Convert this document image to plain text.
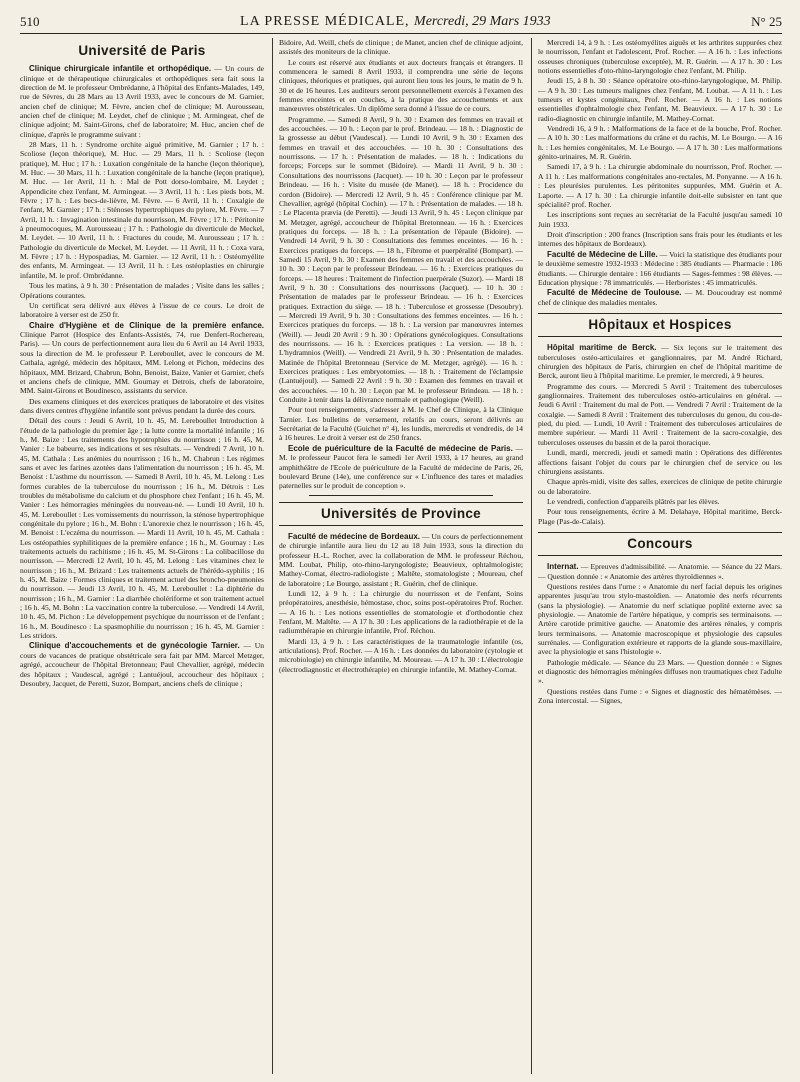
510	LA PRESSE MÉDICALE, Mercredi, 29 Mars 1933	N° 25
Université de Paris

Clinique chirurgicale infantile et orthopédique. — Un cours de clinique et de thérapeutique chirurgicales et orthopédiques sera fait sous la direction de M. le professeur Ombrédanne, à l'hôpital des Enfants-Malades, 149, rue de Sèvres, du 28 Mars au 13 Avril 1933, avec le concours de M. Garnier, ancien chef de clinique; M. Fèvre, ancien chef de clinique; M. Aurousseau, ancien chef de clinique; M. Leydet, chef de clinique ; M. Armingeat, chef de clinique adjoint; M. Saint-Girons, chef de laboratoire; M. Huc, ancien chef de clinique, d'après le programme suivant :

28 Mars, 11 h. : Syndrome orchite aigué primitive, M. Garnier ; 17 h. : Scoliose (leçon théorique), M. Huc. — 29 Mars, 11 h. : Scoliose (leçon pratique), M. Huc ; 17 h. : Luxation congénitale de la hanche (leçon théorique), M. Huc. — 30 Mars, 11 h. : Luxation congénitale de la hanche (leçon pratique), M. Huc. — 1er Avril, 11 h. : Mal de Pott dorso-lombaire, M. Leydet ; Appendicite chez l'enfant, M. Armingeat. — 3 Avril, 11 h. : Les pieds bots, M. Fèvre ; 17 h. : Les becs-de-lièvre, M. Fèvre. — 6 Avril, 11 h. : Coxalgie de l'enfant, M. Garnier ; 17 h. : Sténoses hypertrophiques du pylore, M. Fèvre. — 7 Avril, 11 h. : Invagination intestinale du nourrisson, M. Fèvre ; 17 h. : Péritonite à pneumocoques, M. Aurousseau ; 17 h. : Pathologie du diverticule de Meckel, M. Leydet. — 10 Avril, 11 h. : Fractures du coude, M. Aurousseau ; 17 h. : Pathologie du diverticule de Meckel, M. Leydet. — 11 Avril, 11 h. : Coxa vara, M. Fèvre ; 17 h. : Hypospadias, M. Garnier. — 12 Avril, 11 h. : Ostéomyélite des enfants, M. Armingeat. — 13 Avril, 11 h. : Les ostéoplasties en chirurgie infantile, M. le prof. Ombrédanne.

Tous les matins, à 9 h. 30 : Présentation de malades ; Visite dans les salles ; Opérations courantes.

Un certificat sera délivré aux élèves à l'issue de ce cours. Le droit de laboratoire à verser est de 250 fr.

Chaire d'Hygiène et de Clinique de la première enfance. Clinique Parrot (Hospice des Enfants-Assistés, 74, rue Denfert-Rochereau, Paris). — Un cours de perfectionnement aura lieu du 6 Avril au 14 Avril 1933, sous la direction de M. le professeur P. Lereboullet, avec le concours de M. Cathala, agrégé, médecin des hôpitaux, MM. Lelong et Pichon, médecins des hôpitaux, MM. Brizard, Chabrun, Bohn, Benoist, Baize, Vanier et Garnier, chefs et anciens chefs de clinique, MM. Gournay et Detrois, chefs de laboratoire, MM. Saint-Girons et Boudinesco, assistants du service.

Des examens cliniques et des exercices pratiques de laboratoire et des visites dans divers centres d'hygiène infantile sont prévus pendant la durée des cours.

Détail des cours : Jeudi 6 Avril, 10 h. 45, M. Lereboullet Introduction à l'étude de la pathologie du premier âge ; la lutte contre la mortalité infantile ; 16 h., M. Baize : Les traitements des hypotrophies du nourrisson ; 16 h. 45, M. Vanier : Le babeurre, ses indications et ses résultats. — Vendredi 7 Avril, 10 h. 45, M. Cathala : Les anémies du nourrisson ; 16 h., M. Chabrun : Les régimes sans et avec les farines azotées dans l'alimentation du nourrisson ; 16 h. 45, M. Benoist : L'asthme du nourrisson. — Samedi 8 Avril, 10 h. 45, M. Lelong : Les formes curables de la tuberculose du nourrisson ; 16 h., M. Détrois : Les troubles du métabolisme du calcium et du phosphore chez l'enfant ; 16 h. 45, M. Vanier : Les hémorragies méningées du nouveau-né. — Lundi 10 Avril, 10 h. 45, M. Lereboullet : Les vomissements du nourrisson, la sténose hypertrophique congénitale du pylore ; 16 h., M. Bohn : L'anorexie chez le nourrisson ; 16 h. 45, M. Benoist : L'eczéma du nourrisson. — Mardi 11 Avril, 10 h. 45, M. Cathala : Les ostéopathies syphilitiques de la première enfance ; 16 h., M. Gournay : Les traitements actuels du rachitisme ; 16 h. 45, M. St-Girons : La colibacillose du nourrisson. — Mercredi 12 Avril, 10 h. 45, M. Lelong : Les vitamines chez le nourrisson ; 16 h., M. Brizard : Les traitements actuels de l'hérédo-syphilis ; 16 h. 45, M. Baize : Formes cliniques et traitement actuel des broncho-pneumonies du nourrisson. — Jeudi 13 Avril, 10 h. 45, M. Lereboullet : La diphtérie du nourrisson ; 16 h., M. Garnier : La diarrhée cholériforme et son traitement actuel ; 16 h. 45, M. Bohn : La vaccination contre la tuberculose. — Vendredi 14 Avril, 10 h. 45, M. Pichon : Le développement psychique du nourrisson et de l'enfant ; 16 h., M. Boudinesco : La spasmophilie du nourrisson ; 16 h. 45, M. Garnier : Les stridors.

Clinique d'accouchements et de gynécologie Tarnier. — Un cours de vacances de pratique obstétricale sera fait par MM. Marcel Metzger, agrégé, accoucheur de l'hôpital Bretonneau; Paul Chevallier, agrégé, médecin des hôpitaux ; Vaudescal, agrégé ; Lantuéjoul, accoucheur des hôpitaux ; Desoubry, Jacquet, de Peretti, Suzor, Bompart, anciens chefs de clinique ;

Bidoire, Ad. Weill, chefs de clinique ; de Manet, ancien chef de clinique adjoint, assistés des moniteurs de la clinique.

Le cours est réservé aux étudiants et aux docteurs français et étrangers. Il commencera le samedi 8 Avril 1933, il comprendra une série de leçons cliniques, théoriques et pratiques, qui auront lieu tous les jours, le matin de 9 h. 30 et de 16 heures. Les auditeurs seront personnellement exercés à l'examen des femmes enceintes et en couches, à la pratique des accouchements et aux manœuvres obstétricales. Un diplôme sera donné à l'issue de ce cours.

Programme. — Samedi 8 Avril, 9 h. 30 : Examen des femmes en travail et des accouchées. — 10 h. : Leçon par le prof. Brindeau. — 18 h. : Diagnostic de la grossesse au début (Vaudescal). — Lundi 10 Avril, 9 h. 30 : Examen des femmes en travail et des accouchées. — 10 h. 30 : Consultations des nourrissons. — 17 h. : Présentation de malades. — 18 h. : Indications du forceps; Forceps sur le sommet (Bidoire). — Mardi 11 Avril, 9 h. 30 : Consultations des nourrissons (Jacquet). — 10 h. 30 : Leçon par le professeur Brindeau. — 16 h. : Visite du musée (de Manet). — 18 h. : Procidence du cordon (Bidoire). — Mercredi 12 Avril, 9 h. 45 : Conférence clinique par M. Chevallier, agrégé (hôpital Cochin). — 17 h. : Présentation de malades. — 18 h. : Le Placenta prævia (de Peretti). — Jeudi 13 Avril, 9 h. 45 : Leçon clinique par M. Metzger, agrégé, accoucheur de l'hôpital Bretonneau. — 16 h. : Exercices pratiques du forceps. — 18 h. : La présentation de l'épaule (Bidoire). — Vendredi 14 Avril, 9 h. 30 : Consultations des femmes enceintes. — 16 h. : Exercices pratiques du forceps. — 18 h., Fibrome et puerpéralité (Bompart). — Samedi 15 Avril, 9 h. 30 : Examen des femmes en travail et des accouchées. — 10 h. 30 : Leçon par le professeur Brindeau. — 16 h. : Exercices pratiques du forceps. — 18 heures : Traitement de l'infection puerpérale (Suzor). — Mardi 18 Avril, 9 h. 30 : Consultations des nourrissons (Jacquet). — 10 h. 30 : Présentation de malades par le professeur Brindeau. — 16 h. : Exercices pratiques. Extraction du siège. — 18 h. : Tuberculose et grossesse (Desoubry). — Mercredi 19 Avril, 9 h. 30 : Consultations des femmes enceintes. — 16 h. : Exercices pratiques du forceps. — 18 h. : La version par manœuvres internes (Weill). — Jeudi 20 Avril : 9 h. 30 : Opérations gynécologiques. Consultations des nourrissons. — 16 h. : Exercices pratiques : La version. — 18 h. : L'hydramnios (Weill). — Vendredi 21 Avril, 9 h. 30 : Présentation de malades. Matinée de l'hôpital Bretonneau (Service de M. Metzger, agrégé). — 16 h. : Exercices pratiques : Les embryotomies. — 18 h. : Traitement de l'éclampsie (Lantuéjoul). — Samedi 22 Avril : 9 h. 30 : Examen des femmes en travail et des accouchées. — 10 h. 30 : Leçon par M. le professeur Brindeau. — 18 h. : Conduite à tenir dans la délivrance normale et pathologique (Weill).

Pour tout renseignements, s'adresser à M. le Chef de Clinique, à la Clinique Tarnier. Les bulletins de versement, relatifs au cours, seront délivrés au Secrétariat de la Faculté (Guichet n° 4), les lundis, mercredis et vendredis, de 14 à 16 heures. Le droit à verser est de 250 francs.

Ecole de puériculture de la Faculté de médecine de Paris. — M. le professeur Paucot fera le samedi 1er Avril 1933, à 17 heures, au grand amphithéâtre de l'Ecole de puériculture de la Faculté de médecine de Paris, 26, boulevard Brune (14e), une conférence sur « L'influence des tares et maladies paternelles sur le produit de conception ».

Universités de Province

Faculté de médecine de Bordeaux. — Un cours de perfectionnement de chirurgie infantile aura lieu du 12 au 18 Juin 1933, sous la direction du professeur H.-L. Rocher, avec la collaboration de MM. le professeur Réchou, MM. Loubat, Philip, oto-rhino-laryngologiste; Beauvieux, ophtalmologiste; Mathey-Cornat, électro-radiologiste ; Maltête, stomatologiste ; Moureau, chef de laboratoire ; Le Bourgo, assistant ; R. Guérin, chef de clinique.

Lundi 12, à 9 h. : La chirurgie du nourrisson et de l'enfant, Soins préopératoires, anesthésie, hémostase, choc, soins post-opératoires Prof. Rocher. — A 16 h. : Les notions essentielles de stomatologie et d'orthodontie chez l'enfant, M. Maltête. — A 17 h. 30 : Les applications de la radiothérapie et de la radiumthérapie en chirurgie infantile, Prof. Réchou.

Mardi 13, à 9 h. : Les caractéristiques de la traumatologie infantile (os, articulations). Prof. Rocher. — A 16 h. : Les données du laboratoire (cytologie et microbiologie) en chirurgie infantile, M. Moureau. — A 17 h. 30 : L'électrologie (électrodiagnostic et électrothérapie) en chirurgie infantile, M. Mathey-Cornat.

Mercredi 14, à 9 h. : Les ostéomyélites aiguës et les arthrites suppurées chez le nourrisson, l'enfant et l'adolescent, Prof. Rocher. — A 16 h. : Les infections osseuses chroniques (tuberculose exceptée), M. R. Guérin. — A 17 h. 30 : Les notions essentielles d'oto-rhino-laryngologie chez l'enfant, M. Philip.

Jeudi 15, à 8 h. 30 : Séance opératoire oto-rhino-laryngologique, M. Philip. — A 9 h. 30 : Les tumeurs malignes chez l'enfant, M. Loubat. — A 11 h. : Les tumeurs et kystes congénitaux, Prof. Rocher. — A 16 h. : Les notions essentielles d'ophtalmologie chez l'enfant, M. Beauvieux. — A 17 h. 30 : Le radio-diagnostic en chirurgie infantile, M. Mathey-Cornat.

Vendredi 16, à 9 h. : Malformations de la face et de la bouche, Prof. Rocher. — A 10 h. 30 : Les malformations du crâne et du rachis, M. Le Bourgo. — A 16 h. : Les hernies congénitales, M. Le Bourgo. — A 17 h. 30 : Les malformations génito-urinaires, M. R. Guérin.

Samedi 17, à 9 h. : La chirurgie abdominale du nourrisson, Prof. Rocher. — A 11 h. : Les malformations congénitales ano-rectales, M. Ponyanne. — A 16 h. : Les pleurésies purulentes. Les péritonites suppurées, MM. Guérin et A. Laporte. — A 17 h. 30 : La chirurgie infantile doit-elle subsister en tant que spécialité? prof. Rocher.

Les inscriptions sont reçues au secrétariat de la Faculté jusqu'au samedi 10 Juin 1933.

Droit d'inscription : 200 francs (Inscription sans frais pour les étudiants et les internes des hôpitaux de Bordeaux).

Faculté de Médecine de Lille. — Voici la statistique des étudiants pour le deuxième semestre 1932-1933 : Médecine : 385 étudiants — Pharmacie : 186 étudiants. — Chirurgie dentaire : 166 étudiants — Sages-femmes : 98 élèves. — Education physique : 78 immatriculés. — Herboristes : 45 immatriculés.

Faculté de Médecine de Toulouse. — M. Doucoudray est nommé chef de clinique des maladies mentales.

Hôpitaux et Hospices

Hôpital maritime de Berck. — Six leçons sur le traitement des tuberculoses ostéo-articulaires et ganglionnaires, par M. André Richard, chirurgien des hôpitaux de Paris, chirurgien en chef de l'hôpital maritime de Berck, auront lieu à l'hôpital maritime. Le premier, le mercredi, à 9 heures.

Programme des cours. — Mercredi 5 Avril : Traitement des tuberculoses ganglionnaires. Traitement des tuberculoses ostéo-articulaires en général. — Jeudi 6 Avril : Traitement du mal de Pott. — Vendredi 7 Avril : Traitement de la coxalgie. — Samedi 8 Avril : Traitement des tuberculoses du genou, du cou-de-pied, du pied. — Lundi, 10 Avril : Traitement des tuberculoses articulaires de membre supérieur. — Mardi 11 Avril : Traitement de la sacro-coxalgie, des tuberculoses osseuses du bassin et de la paroi thoracique.

Lundi, mardi, mercredi, jeudi et samedi matin : Opérations des différentes affections faisant l'objet du cours par le chirurgien chef de service ou les chirurgiens assistants.

Chaque après-midi, visite des salles, exercices de clinique de petite chirurgie ou de laboratoire.

Le vendredi, confection d'appareils plâtrés par les élèves.

Pour tous renseignements, écrire à M. Delahaye, Hôpital maritime, Berck-Plage (Pas-de-Calais).

Concours

Internat. — Epreuves d'admissibilité. — Anatomie. — Séance du 22 Mars. — Question donnée : « Anatomie des artères thyroïdiennes ».

Questions restées dans l'urne : « Anatomie du nerf facial depuis les origines apparentes jusqu'au trou stylo-mastoïdien. — Anatomie des nerfs récurrents (sans la physiologie). — Anatomie du nerf sciatique poplité externe avec sa physiologie. — Anatomie de l'artère hépatique, y compris ses terminaisons. — Artère carotide primitive gauche. — Anatomie des artères rénales, y compris leurs terminaisons. — Anatomie macroscopique et physiologie des capsules surrénales. — Configuration extérieure et rapports de la glande sous-maxillaire, avec la physiologie et sans l'histologie ».

Pathologie médicale. — Séance du 23 Mars. — Question donnée : « Signes et diagnostic des hémorragies méningées diffuses non traumatiques chez l'adulte ».

Questions restées dans l'urne : « Signes et diagnostic des hématémèses. — Zona intercostal. — Signes,
